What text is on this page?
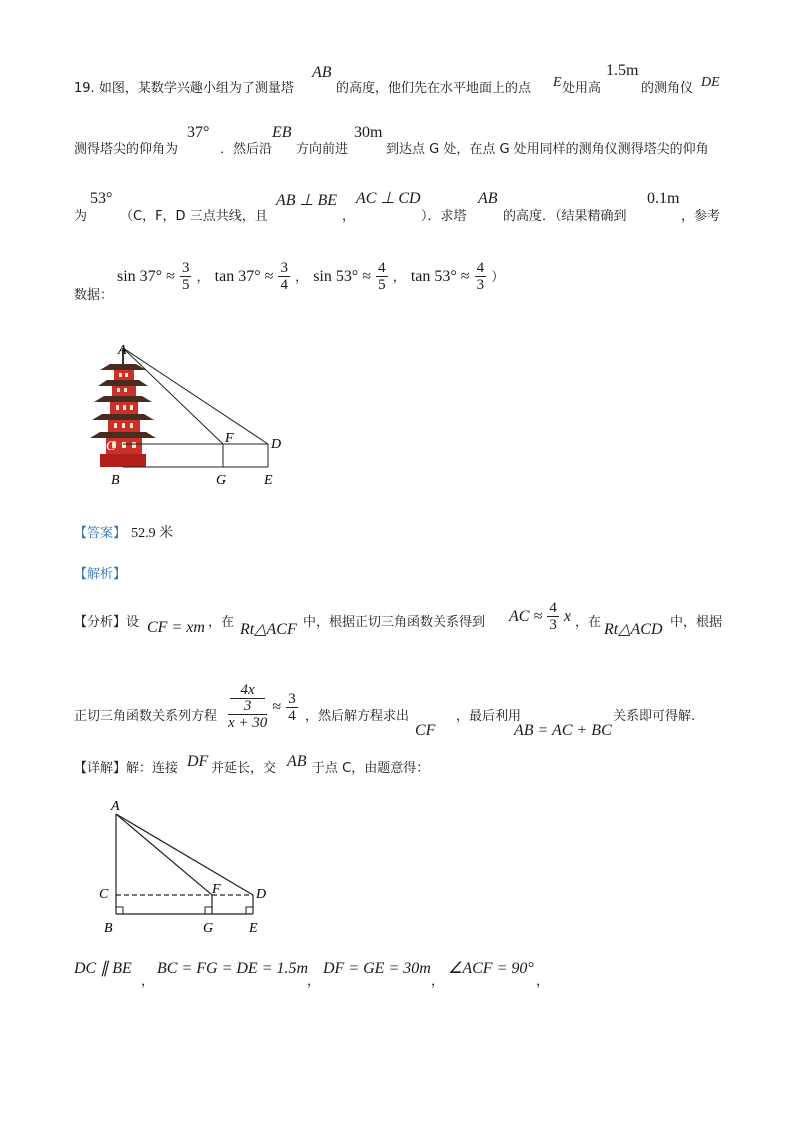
19. 如图，某数学兴趣小组为了测量塔
AB
的高度，他们先在水平地面上的点 E 处用高
1.5m
的测角仪 DE
测得塔尖的仰角为
37°
．然后沿
EB
方向前进
30m
到达点 G 处，在点 G 处用同样的测角仪测得塔尖的仰角
为
53°
（C，F，D 三点共线，且
AB ⊥ BE
，
AC ⊥ CD
）．求塔
AB
的高度．（结果精确到
0.1m
，参考
数据：
$\sin 37^\circ \approx \frac{3}{5}$ ， $\tan 37^\circ \approx \frac{3}{4}$ ， $\sin 53^\circ \approx \frac{4}{5}$ ， $\tan 53^\circ \approx \frac{4}{3}$ ）
A
C
F	D
B	G	E
【答案】 52.9 米
【解析】
【分析】设 CF = xm ，在 Rt△ACF 中，根据正切三角函数关系得到 AC ≈ $\frac{4}{3}$ x ，在 Rt△ACD 中，根据
正切三角函数关系列方程 4x
3
$x + 30 \approx \frac{3}{4}$ ，然后解方程求出
CF
，最后利用
AB = AC + BC
关系即可得解.
【详解】解：连接 DF 并延长，交 AB 于点 C，由题意得：
A
C	F	D
B	G	E
DC ∥ BE
，
BC = FG = DE = 1.5m
，
DF = GE = 30m
，
∠ACF = 90°
，
